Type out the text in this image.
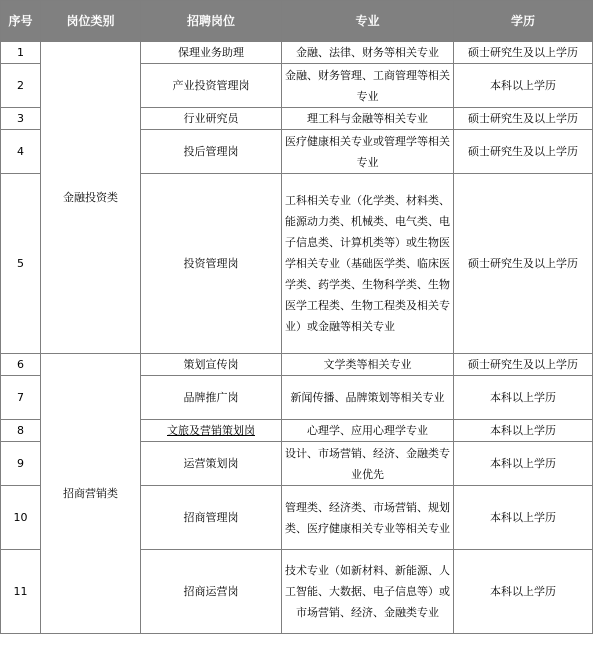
序号	岗位类别	招聘岗位	专业	学历
1	金融投资类	保理业务助理	金融、法律、财务等相关专业	硕士研究生及以上学历
2		产业投资管理岗	金融、财务管理、工商管理等相关专业	本科以上学历
3		行业研究员	理工科与金融等相关专业	硕士研究生及以上学历
4		投后管理岗	医疗健康相关专业或管理学等相关专业	硕士研究生及以上学历
5		投资管理岗	工科相关专业（化学类、材料类、能源动力类、机械类、电气类、电子信息类、计算机类等）或生物医学相关专业（基础医学类、临床医学类、药学类、生物科学类、生物医学工程类、生物工程类及相关专业）或金融等相关专业	硕士研究生及以上学历
6	招商营销类	策划宣传岗	文学类等相关专业	硕士研究生及以上学历
7		品牌推广岗	新闻传播、品牌策划等相关专业	本科以上学历
8		文旅及营销策划岗	心理学、应用心理学专业	本科以上学历
9		运营策划岗	设计、市场营销、经济、金融类专业优先	本科以上学历
10		招商管理岗	管理类、经济类、市场营销、规划类、医疗健康相关专业等相关专业	本科以上学历
11		招商运营岗	技术专业（如新材料、新能源、人工智能、大数据、电子信息等）或市场营销、经济、金融类专业	本科以上学历
